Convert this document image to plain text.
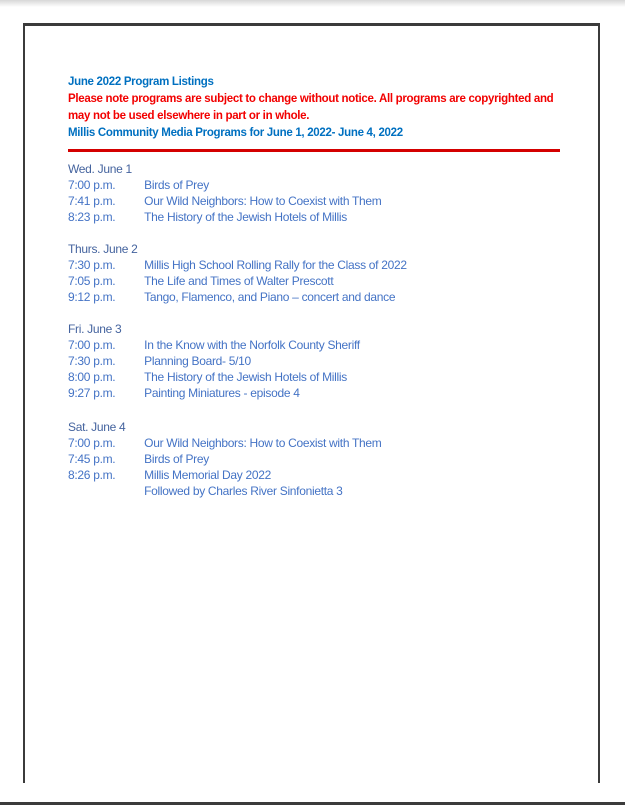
June 2022 Program Listings
Please note programs are subject to change without notice. All programs are copyrighted and
may not be used elsewhere in part or in whole.
Millis Community Media Programs for June 1, 2022- June 4, 2022
Wed. June 1
7:00 p.m. Birds of Prey
7:41 p.m. Our Wild Neighbors: How to Coexist with Them
8:23 p.m. The History of the Jewish Hotels of Millis
Thurs. June 2
7:30 p.m. Millis High School Rolling Rally for the Class of 2022
7:05 p.m. The Life and Times of Walter Prescott
9:12 p.m. Tango, Flamenco, and Piano – concert and dance
Fri. June 3
7:00 p.m. In the Know with the Norfolk County Sheriff
7:30 p.m. Planning Board- 5/10
8:00 p.m. The History of the Jewish Hotels of Millis
9:27 p.m. Painting Miniatures - episode 4
Sat. June 4
7:00 p.m. Our Wild Neighbors: How to Coexist with Them
7:45 p.m. Birds of Prey
8:26 p.m. Millis Memorial Day 2022
Followed by Charles River Sinfonietta 3
